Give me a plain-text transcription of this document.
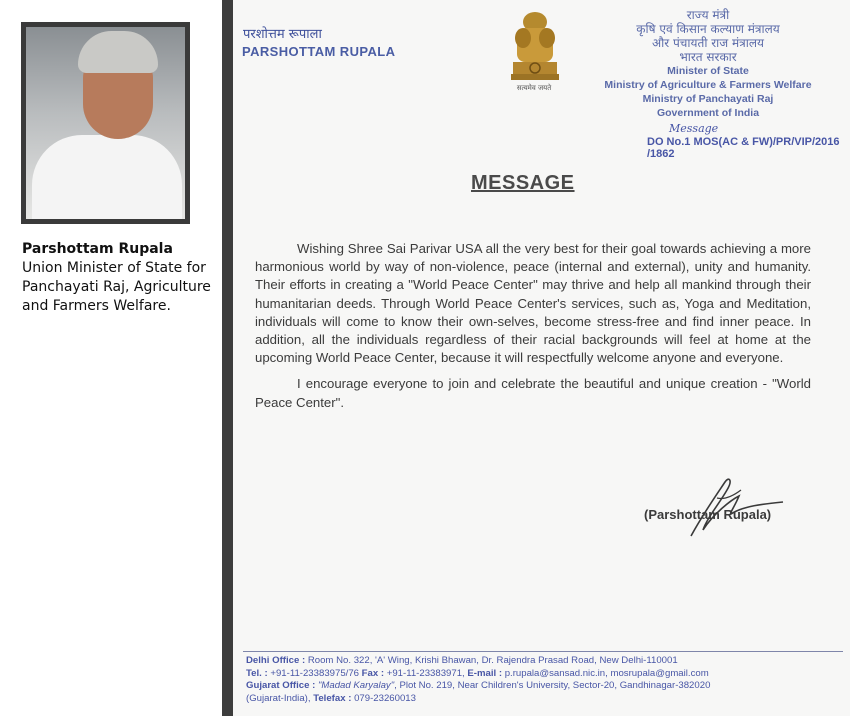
Parshottam Rupala
Union Minister of State for
Panchayati Raj, Agriculture
and Farmers Welfare.
परशोत्तम रूपाला
PARSHOTTAM RUPALA
सत्यमेव जयते
राज्य मंत्री
कृषि एवं किसान कल्याण मंत्रालय
और पंचायती राज मंत्रालय
भारत सरकार
Minister of State
Ministry of Agriculture & Farmers Welfare
Ministry of Panchayati Raj
Government of India
Message
DO No.1 MOS(AC & FW)/PR/VIP/2016 /1862
MESSAGE

Wishing Shree Sai Parivar USA all the very best for their goal towards achieving a more harmonious world by way of non-violence, peace (internal and external), unity and humanity. Their efforts in creating a "World Peace Center" may thrive and help all mankind through their humanitarian deeds. Through World Peace Center's services, such as, Yoga and Meditation, individuals will come to know their own-selves, become stress-free and find inner peace. In addition, all the individuals regardless of their racial backgrounds will feel at home at the upcoming World Peace Center, because it will respectfully welcome anyone and everyone.

I encourage everyone to join and celebrate the beautiful and unique creation - "World Peace Center".

(Parshottam Rupala)
Delhi Office : Room No. 322, 'A' Wing, Krishi Bhawan, Dr. Rajendra Prasad Road, New Delhi-110001
Tel. : +91-11-23383975/76 Fax : +91-11-23383971, E-mail : p.rupala@sansad.nic.in, mosrupala@gmail.com
Gujarat Office : "Madad Karyalay", Plot No. 219, Near Children's University, Sector-20, Gandhinagar-382020
(Gujarat-India), Telefax : 079-23260013
